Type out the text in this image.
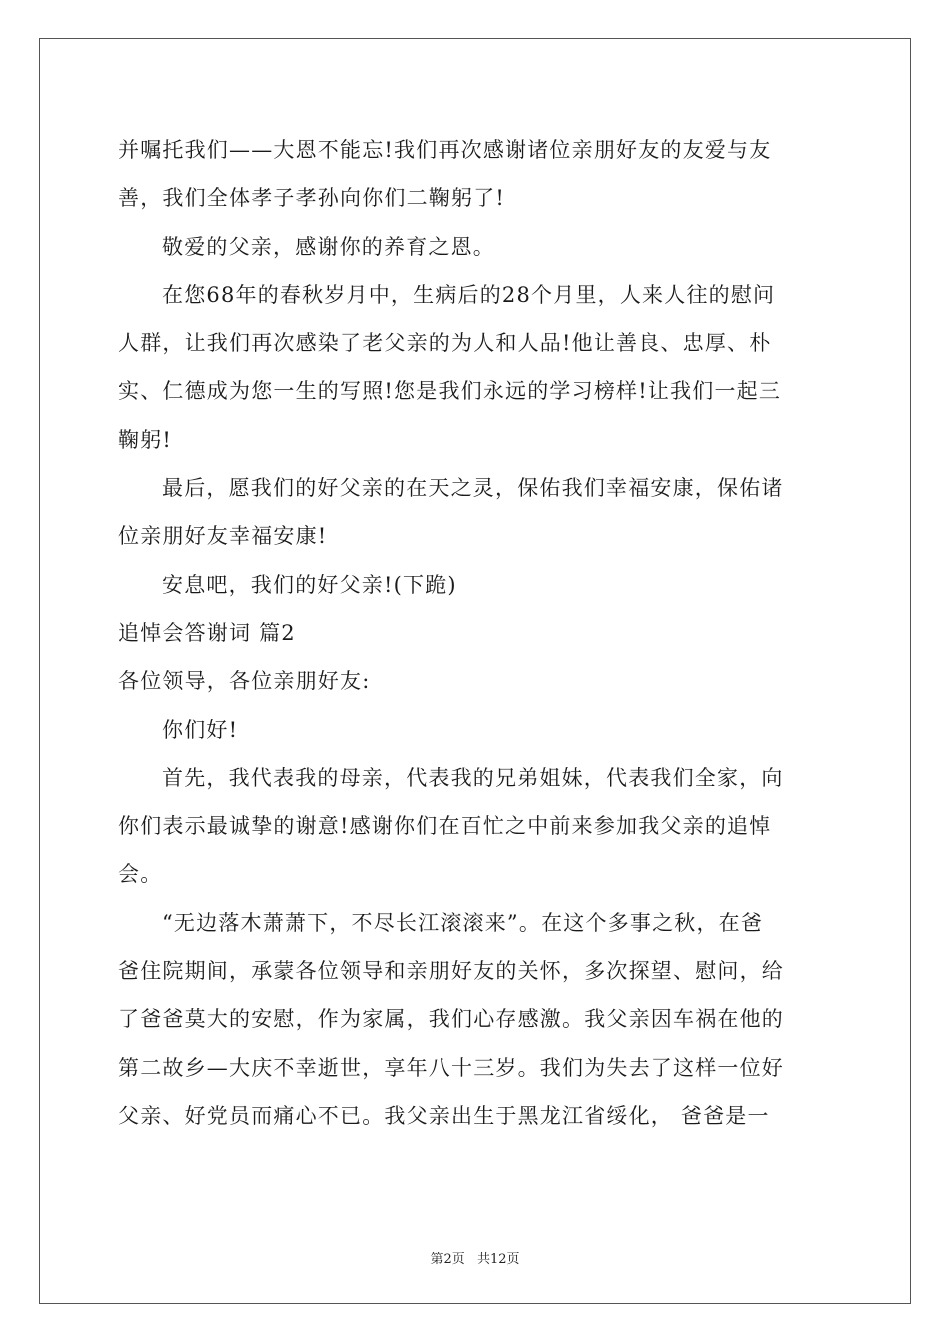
并嘱托我们——大恩不能忘!我们再次感谢诸位亲朋好友的友爱与友
善，我们全体孝子孝孙向你们二鞠躬了!
敬爱的父亲，感谢你的养育之恩。
在您68年的春秋岁月中，生病后的28个月里，人来人往的慰问
人群，让我们再次感染了老父亲的为人和人品!他让善良、忠厚、朴
实、仁德成为您一生的写照!您是我们永远的学习榜样!让我们一起三
鞠躬!
最后，愿我们的好父亲的在天之灵，保佑我们幸福安康，保佑诸
位亲朋好友幸福安康!
安息吧，我们的好父亲!(下跪)
追悼会答谢词 篇2
各位领导，各位亲朋好友:
你们好!
首先，我代表我的母亲，代表我的兄弟姐妹，代表我们全家，向
你们表示最诚挚的谢意!感谢你们在百忙之中前来参加我父亲的追悼
会。
“无边落木萧萧下，不尽长江滚滚来”。在这个多事之秋，在爸
爸住院期间，承蒙各位领导和亲朋好友的关怀，多次探望、慰问，给
了爸爸莫大的安慰，作为家属，我们心存感激。我父亲因车祸在他的
第二故乡—大庆不幸逝世，享年八十三岁。我们为失去了这样一位好
父亲、好党员而痛心不已。我父亲出生于黑龙江省绥化， 爸爸是一
第2页 共12页
